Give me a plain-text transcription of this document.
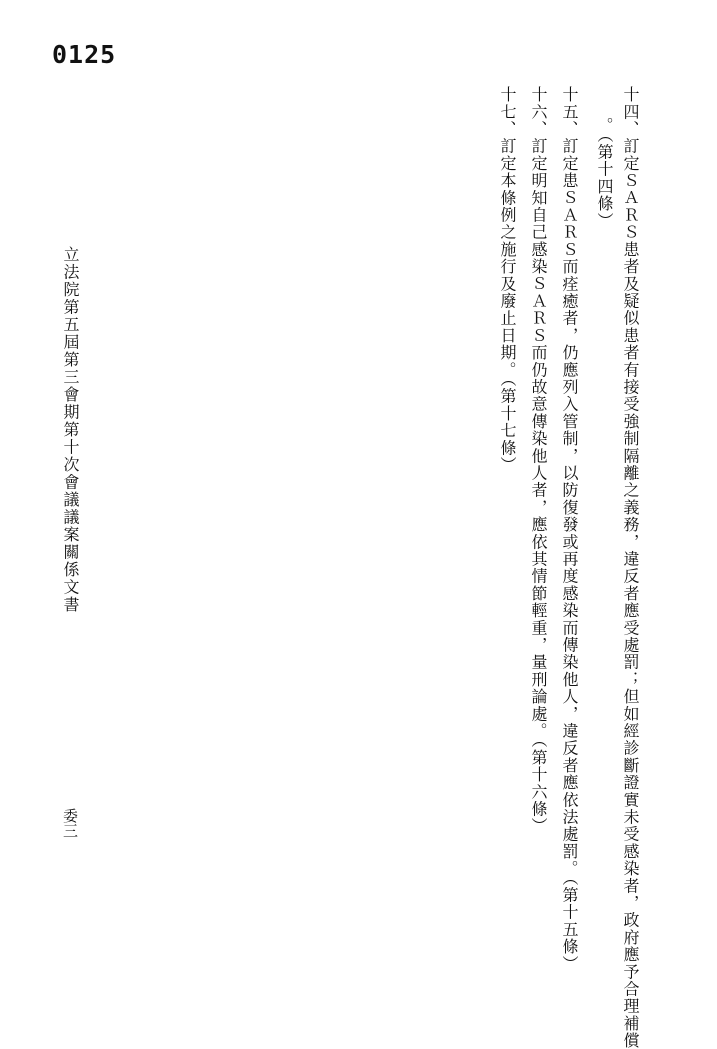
0125
十四、訂定ＳＡＲＳ患者及疑似患者有接受強制隔離之義務，違反者應受處罰；但如經診斷證實未受感染者，政府應予合理補償
。（第十四條）
十五、訂定患ＳＡＲＳ而痊癒者，仍應列入管制，以防復發或再度感染而傳染他人，違反者應依法處罰。（第十五條）
十六、訂定明知自己感染ＳＡＲＳ而仍故意傳染他人者，應依其情節輕重，量刑論處。（第十六條）
十七、訂定本條例之施行及廢止日期。（第十七條）
立法院第五屆第三會期第十次會議議案關係文書
委三
